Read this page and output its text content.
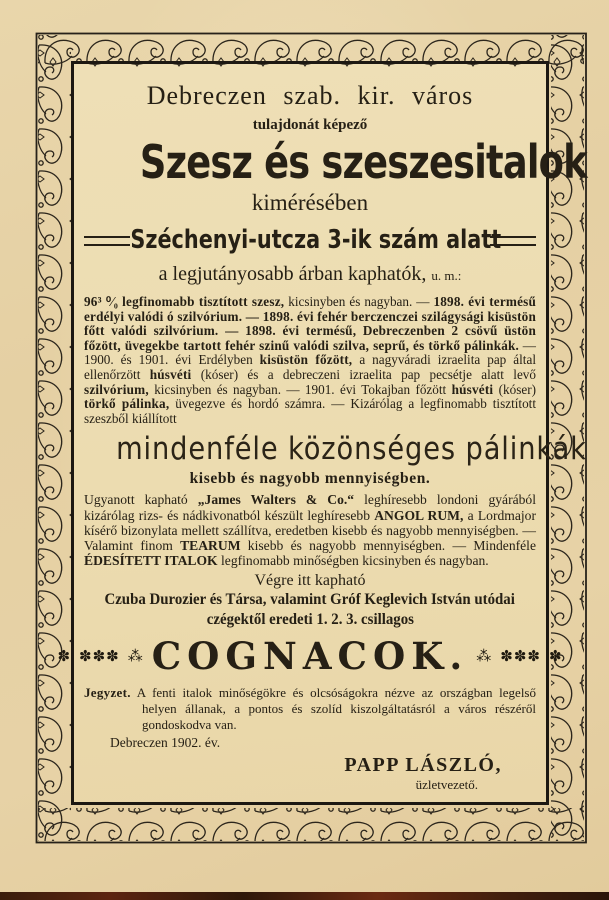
Debreczen szab. kir. város
tulajdonát képező
Szesz és szeszesitalok
kimérésében
Széchenyi-utcza 3-ik szám alatt
a legjutányosabb árban kaphatók, u. m.:

96³ ⁰⁄₀ legfinomabb tisztított szesz, kicsinyben és nagyban. — 1898. évi termésű erdélyi valódi ó szilvórium. — 1898. évi fehér berczenczei szilágysági kisüstön főtt valódi szilvórium. — 1898. évi termésű, Debreczenben 2 csövű üstön főzött, üvegekbe tartott fehér szinű valódi szilva, seprű, és törkő pálinkák. — 1900. és 1901. évi Erdélyben kisüstön főzött, a nagyváradi izraelita pap által ellenőrzött húsvéti (kóser) és a debreczeni izraelita pap pecsétje alatt levő szilvórium, kicsinyben és nagyban. — 1901. évi Tokajban főzött húsvéti (kóser) törkő pálinka, üvegezve és hordó számra. — Kizárólag a legfinomabb tisztított szeszből kiállított

mindenféle közönséges pálinkák
kisebb és nagyobb mennyiségben.

Ugyanott kapható „James Walters & Co.“ leghíresebb londoni gyárából kizárólag rizs- és nádkivonatból készült leghíresebb ANGOL RUM, a Lordmajor kísérő bizonylata mellett szállítva, eredetben kisebb és nagyobb mennyiségben. — Valamint finom TEARUM kisebb és nagyobb mennyiségben. — Mindenféle ÉDESÍTETT ITALOK legfinomabb minőségben kicsinyben és nagyban.

Végre itt kapható
Czuba Durozier és Társa, valamint Gróf Keglevich István utódai
czégektől eredeti 1. 2. 3. csillagos
✽ ✽✽✽ ⁂ COGNACOK. ⁂ ✽✽✽ ✽

Jegyzet. A fenti italok minőségökre és olcsóságokra nézve az országban legelső helyen állanak, a pontos és szolíd kiszolgáltatásról a város részéről gondoskodva van.

Debreczen 1902. év.
PAPP LÁSZLÓ,
üzletvezető.
